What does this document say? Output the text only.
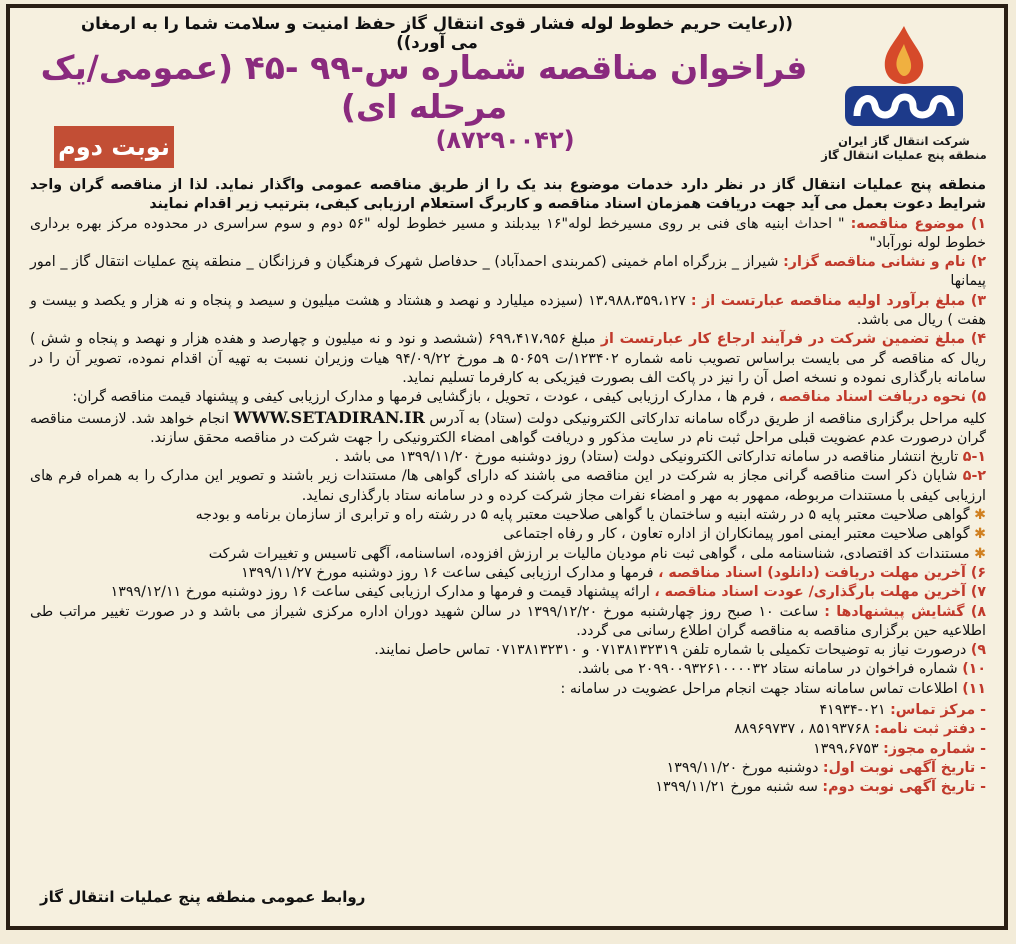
((رعایت حریم خطوط لوله فشار قوی انتقال گاز حفظ امنیت و سلامت شما را به ارمغان می آورد))
فراخوان مناقصه شماره س-۹۹ -۴۵ (عمومی/یک مرحله ای)
(۸۷۲۹۰۰۴۲)
نوبت دوم	شرکت انتقال گاز ایران
منطقه پنج عملیات انتقال گاز

منطقه پنج عملیات انتقال گاز در نظر دارد خدمات موضوع بند یک را از طریق مناقصه عمومی واگذار نماید. لذا از مناقصه گران واجد شرایط دعوت بعمل می آید جهت دریافت همزمان اسناد مناقصه و کاربرگ استعلام ارزیابی کیفی، بترتیب زیر اقدام نمایند

۱) موضوع مناقصه: " احداث ابنیه های فنی بر روی مسیرخط لوله"۱۶ بیدبلند و مسیر خطوط لوله "۵۶ دوم و سوم سراسری در محدوده مرکز بهره برداری خطوط لوله نورآباد"

۲) نام و نشانی مناقصه گزار: شیراز _ بزرگراه امام خمینی (کمربندی احمدآباد) _ حدفاصل شهرک فرهنگیان و فرزانگان _ منطقه پنج عملیات انتقال گاز _ امور پیمانها

۳) مبلغ برآورد اولیه مناقصه عبارتست از : ۱۳،۹۸۸،۳۵۹،۱۲۷ (سیزده میلیارد و نهصد و هشتاد و هشت میلیون و سیصد و پنجاه و نه هزار و یکصد و بیست و هفت ) ریال می باشد.

۴) مبلغ تضمین شرکت در فرآیند ارجاع کار عبارتست از مبلغ ۶۹۹،۴۱۷،۹۵۶ (ششصد و نود و نه میلیون و چهارصد و هفده هزار و نهصد و پنجاه و شش ) ریال که مناقصه گر می بایست براساس تصویب نامه شماره ۱۲۳۴۰۲/ت ۵۰۶۵۹ هـ مورخ ۹۴/۰۹/۲۲ هیات وزیران نسبت به تهیه آن اقدام نموده، تصویر آن را در سامانه بارگذاری نموده و نسخه اصل آن را نیز در پاکت الف بصورت فیزیکی به کارفرما تسلیم نماید.

۵) نحوه دریافت اسناد مناقصه ، فرم ها ، مدارک ارزیابی کیفی ، عودت ، تحویل ، بازگشایی فرمها و مدارک ارزیابی کیفی و پیشنهاد قیمت مناقصه گران:

کلیه مراحل برگزاری مناقصه از طریق درگاه سامانه تدارکاتی الکترونیکی دولت (ستاد) به آدرس WWW.SETADIRAN.IR انجام خواهد شد. لازمست مناقصه گران درصورت عدم عضویت قبلی مراحل ثبت نام در سایت مذکور و دریافت گواهی امضاء الکترونیکی را جهت شرکت در مناقصه محقق سازند.

۵-۱ تاریخ انتشار مناقصه در سامانه تدارکاتی الکترونیکی دولت (ستاد) روز دوشنبه مورخ ۱۳۹۹/۱۱/۲۰ می باشد .

۵-۲ شایان ذکر است مناقصه گرانی مجاز به شرکت در این مناقصه می باشند که دارای گواهی ها/ مستندات زیر باشند و تصویر این مدارک را به همراه فرم های ارزیابی کیفی با مستندات مربوطه، ممهور به مهر و امضاء نفرات مجاز شرکت کرده و در سامانه ستاد بارگذاری نماید.

✱ گواهی صلاحیت معتبر پایه ۵ در رشته ابنیه و ساختمان یا گواهی صلاحیت معتبر پایه ۵ در رشته راه و ترابری از سازمان برنامه و بودجه

✱ گواهی صلاحیت معتبر ایمنی امور پیمانکاران از اداره تعاون ، کار و رفاه اجتماعی

✱ مستندات کد اقتصادی، شناسنامه ملی ، گواهی ثبت نام مودیان مالیات بر ارزش افزوده، اساسنامه، آگهی تاسیس و تغییرات شرکت

۶) آخرین مهلت دریافت (دانلود) اسناد مناقصه ، فرمها و مدارک ارزیابی کیفی ساعت ۱۶ روز دوشنبه مورخ ۱۳۹۹/۱۱/۲۷

۷) آخرین مهلت بارگذاری/ عودت اسناد مناقصه ، ارائه پیشنهاد قیمت و فرمها و مدارک ارزیابی کیفی ساعت ۱۶ روز دوشنبه مورخ ۱۳۹۹/۱۲/۱۱

۸) گشایش پیشنهادها : ساعت ۱۰ صبح روز چهارشنبه مورخ ۱۳۹۹/۱۲/۲۰ در سالن شهید دوران اداره مرکزی شیراز می باشد و در صورت تغییر مراتب طی اطلاعیه حین برگزاری مناقصه به مناقصه گران اطلاع رسانی می گردد.

۹) درصورت نیاز به توضیحات تکمیلی با شماره تلفن ۰۷۱۳۸۱۳۲۳۱۹ و ۰۷۱۳۸۱۳۲۳۱۰ تماس حاصل نمایند.

۱۰) شماره فراخوان در سامانه ستاد ۲۰۹۹۰۰۹۳۲۶۱۰۰۰۰۳۲ می باشد.

۱۱) اطلاعات تماس سامانه ستاد جهت انجام مراحل عضویت در سامانه :

- مرکز تماس: ۰۲۱-۴۱۹۳۴

- دفتر ثبت نامه: ۸۵۱۹۳۷۶۸ ، ۸۸۹۶۹۷۳۷

- شماره مجوز: ۱۳۹۹،۶۷۵۳

- تاریخ آگهی نوبت اول: دوشنبه مورخ ۱۳۹۹/۱۱/۲۰

- تاریخ آگهی نوبت دوم: سه شنبه مورخ ۱۳۹۹/۱۱/۲۱

روابط عمومی منطقه پنج عملیات انتقال گاز
